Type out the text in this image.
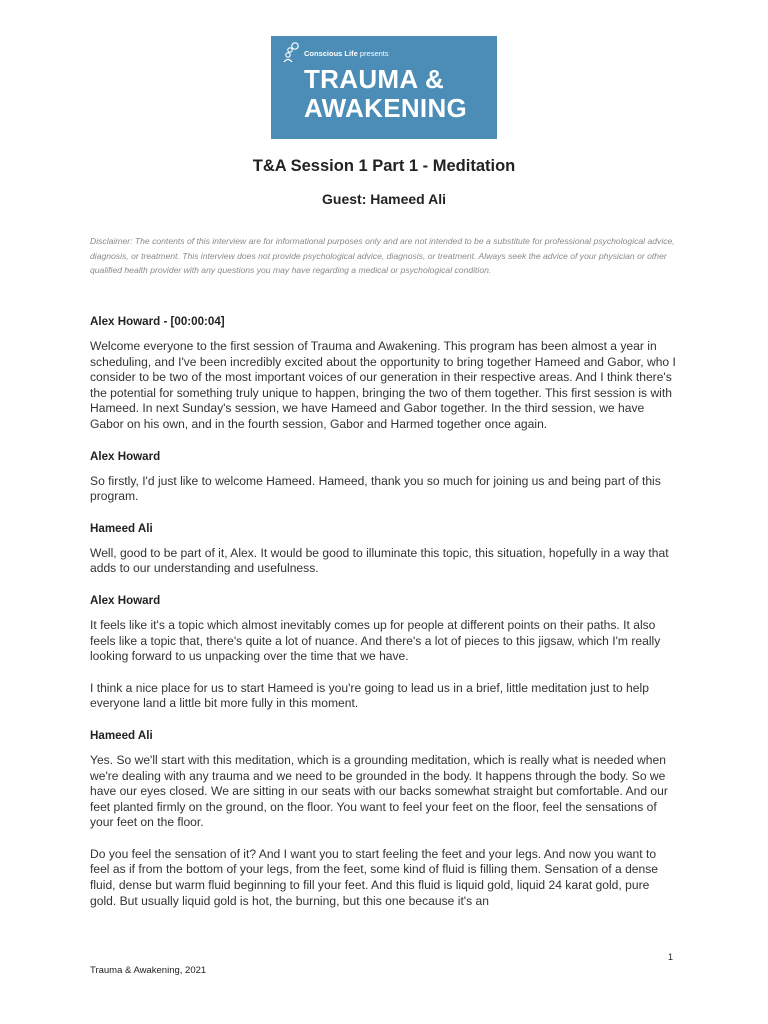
Conscious Life presents
TRAUMA &
AWAKENING
T&A Session 1 Part 1 - Meditation
Guest: Hameed Ali
Disclaimer: The contents of this interview are for informational purposes only and are not intended to be a substitute for professional psychological advice, diagnosis, or treatment. This interview does not provide psychological advice, diagnosis, or treatment. Always seek the advice of your physician or other qualified health provider with any questions you may have regarding a medical or psychological condition.
Alex Howard - [00:00:04]
Welcome everyone to the first session of Trauma and Awakening. This program has been almost a year in scheduling, and I've been incredibly excited about the opportunity to bring together Hameed and Gabor, who I consider to be two of the most important voices of our generation in their respective areas. And I think there's the potential for something truly unique to happen, bringing the two of them together. This first session is with Hameed. In next Sunday's session, we have Hameed and Gabor together. In the third session, we have Gabor on his own, and in the fourth session, Gabor and Harmed together once again.
Alex Howard
So firstly, I'd just like to welcome Hameed. Hameed, thank you so much for joining us and being part of this program.
Hameed Ali
Well, good to be part of it, Alex. It would be good to illuminate this topic, this situation, hopefully in a way that adds to our understanding and usefulness.
Alex Howard
It feels like it's a topic which almost inevitably comes up for people at different points on their paths. It also feels like a topic that, there's quite a lot of nuance. And there's a lot of pieces to this jigsaw, which I'm really looking forward to us unpacking over the time that we have.
I think a nice place for us to start Hameed is you're going to lead us in a brief, little meditation just to help everyone land a little bit more fully in this moment.
Hameed Ali
Yes. So we'll start with this meditation, which is a grounding meditation, which is really what is needed when we're dealing with any trauma and we need to be grounded in the body. It happens through the body. So we have our eyes closed. We are sitting in our seats with our backs somewhat straight but comfortable. And our feet planted firmly on the ground, on the floor. You want to feel your feet on the floor, feel the sensations of your feet on the floor.
Do you feel the sensation of it? And I want you to start feeling the feet and your legs. And now you want to feel as if from the bottom of your legs, from the feet, some kind of fluid is filling them. Sensation of a dense fluid, dense but warm fluid beginning to fill your feet. And this fluid is liquid gold, liquid 24 karat gold, pure gold. But usually liquid gold is hot, the burning, but this one because it's an
1
Trauma & Awakening, 2021
